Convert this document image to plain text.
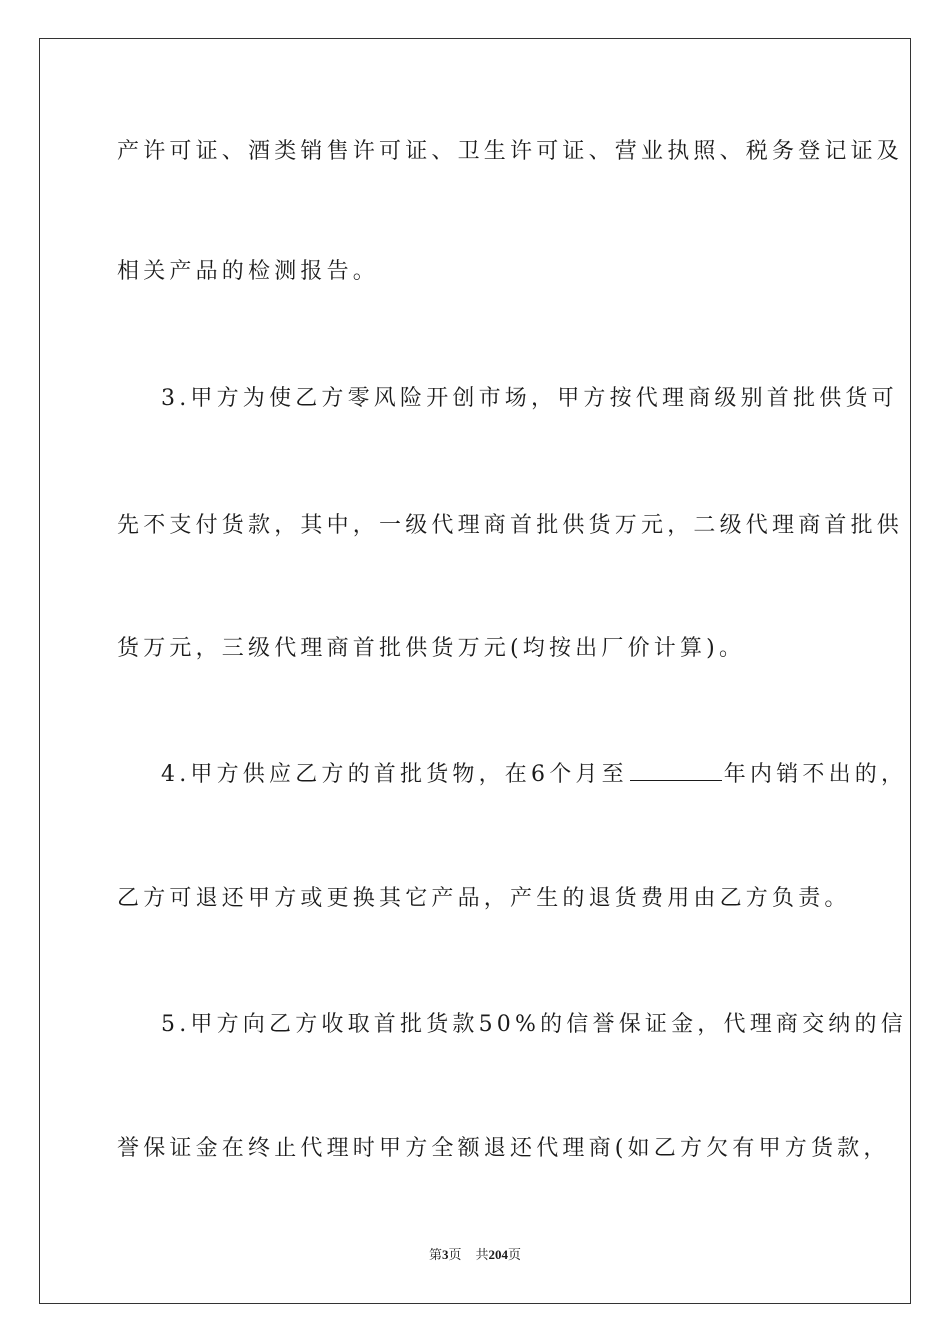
产许可证、酒类销售许可证、卫生许可证、营业执照、税务登记证及
相关产品的检测报告。
3.甲方为使乙方零风险开创市场，甲方按代理商级别首批供货可
先不支付货款，其中，一级代理商首批供货万元，二级代理商首批供
货万元，三级代理商首批供货万元(均按出厂价计算)。
4.甲方供应乙方的首批货物，在6个月至	年内销不出的，
乙方可退还甲方或更换其它产品，产生的退货费用由乙方负责。
5.甲方向乙方收取首批货款50%的信誉保证金，代理商交纳的信
誉保证金在终止代理时甲方全额退还代理商(如乙方欠有甲方货款，
第3页 共204页
